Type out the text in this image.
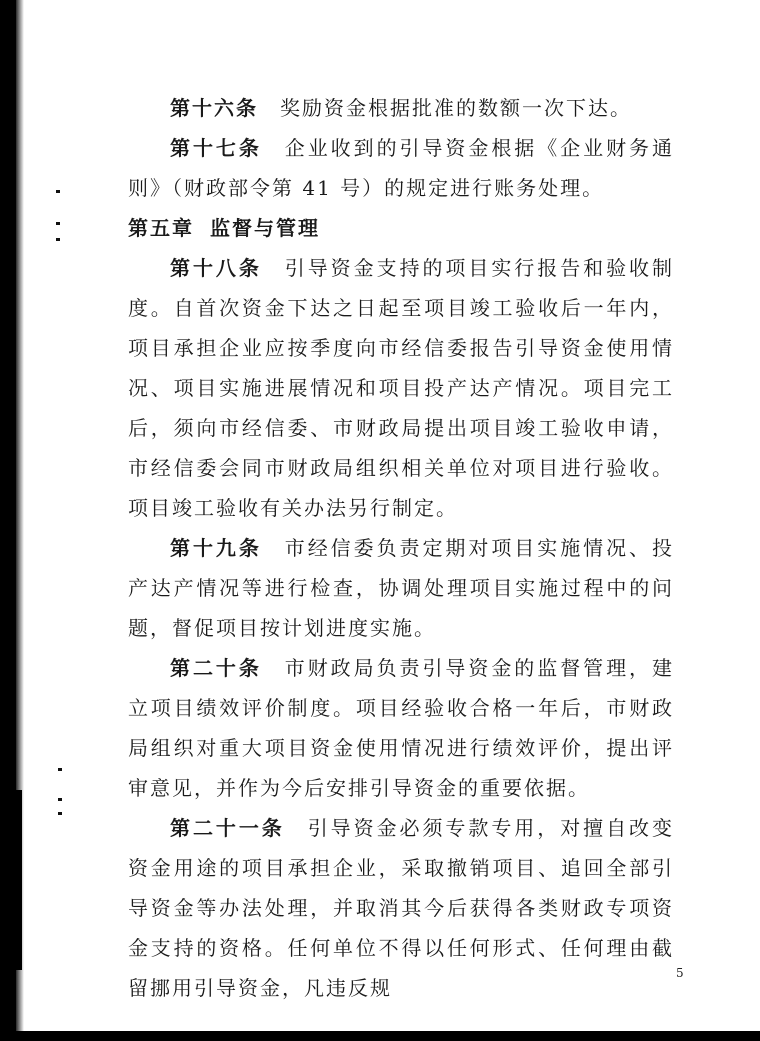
第十六条 奖励资金根据批准的数额一次下达。

第十七条 企业收到的引导资金根据《企业财务通则》（财政部令第 41 号）的规定进行账务处理。

第五章 监督与管理

第十八条 引导资金支持的项目实行报告和验收制度。自首次资金下达之日起至项目竣工验收后一年内，项目承担企业应按季度向市经信委报告引导资金使用情况、项目实施进展情况和项目投产达产情况。项目完工后，须向市经信委、市财政局提出项目竣工验收申请，市经信委会同市财政局组织相关单位对项目进行验收。项目竣工验收有关办法另行制定。

第十九条 市经信委负责定期对项目实施情况、投产达产情况等进行检查，协调处理项目实施过程中的问题，督促项目按计划进度实施。

第二十条 市财政局负责引导资金的监督管理，建立项目绩效评价制度。项目经验收合格一年后，市财政局组织对重大项目资金使用情况进行绩效评价，提出评审意见，并作为今后安排引导资金的重要依据。

第二十一条 引导资金必须专款专用，对擅自改变资金用途的项目承担企业，采取撤销项目、追回全部引导资金等办法处理，并取消其今后获得各类财政专项资金支持的资格。任何单位不得以任何形式、任何理由截留挪用引导资金，凡违反规

5
